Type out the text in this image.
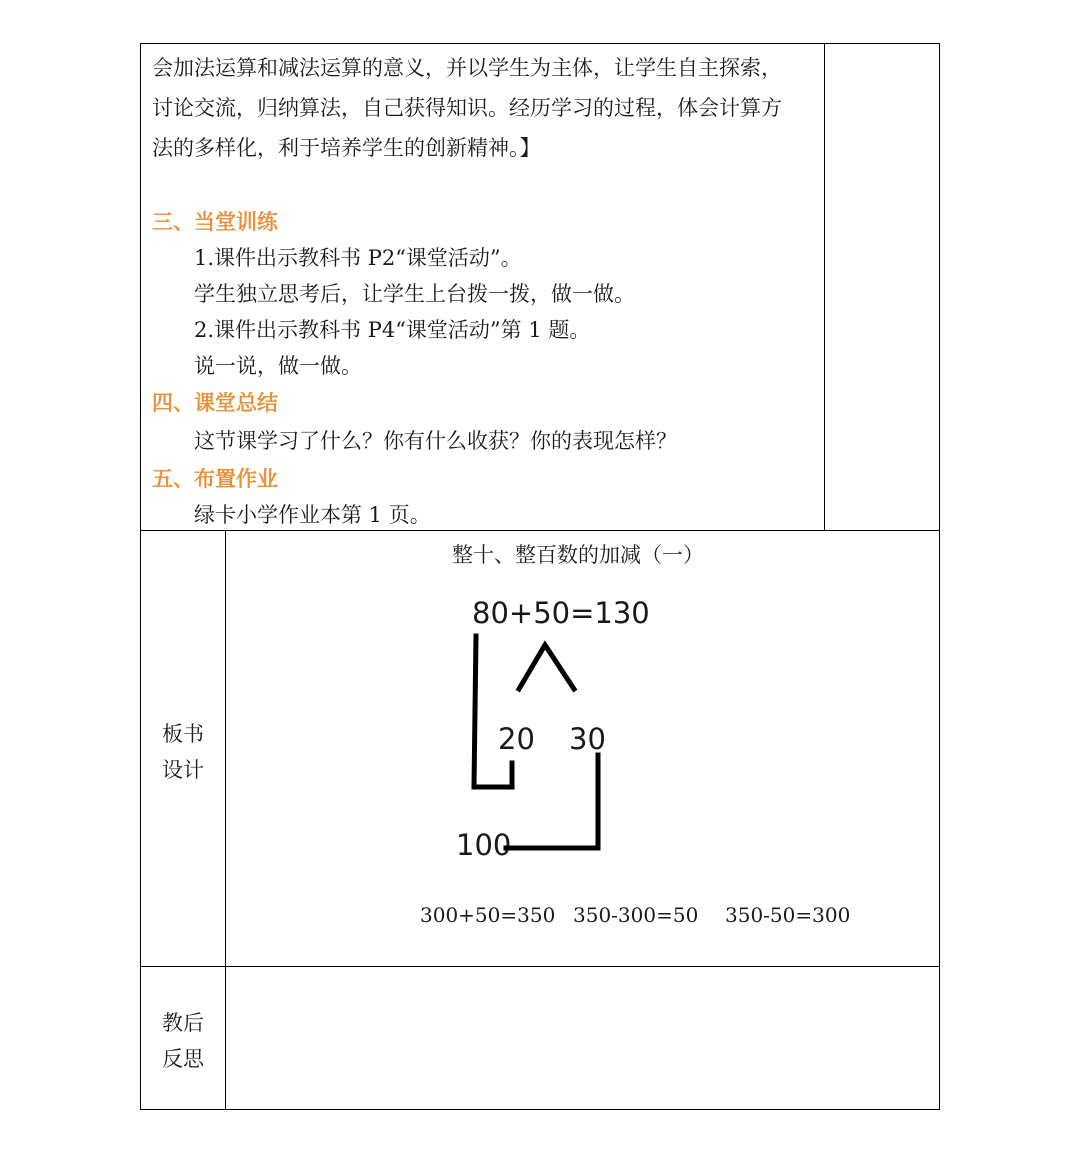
会加法运算和减法运算的意义，并以学生为主体，让学生自主探索，
讨论交流，归纳算法，自己获得知识。经历学习的过程，体会计算方
法的多样化，利于培养学生的创新精神。】
三、当堂训练
1.课件出示教科书 P2“课堂活动”。
学生独立思考后，让学生上台拨一拨，做一做。
2.课件出示教科书 P4“课堂活动”第 1 题。
说一说，做一做。
四、课堂总结
这节课学习了什么？你有什么收获？你的表现怎样？
五、布置作业
绿卡小学作业本第 1 页。
板书
设计
整十、整百数的加减（一）
80+50=130
20 30
100
300+50=350 350-300=50 350-50=300
教后
反思
